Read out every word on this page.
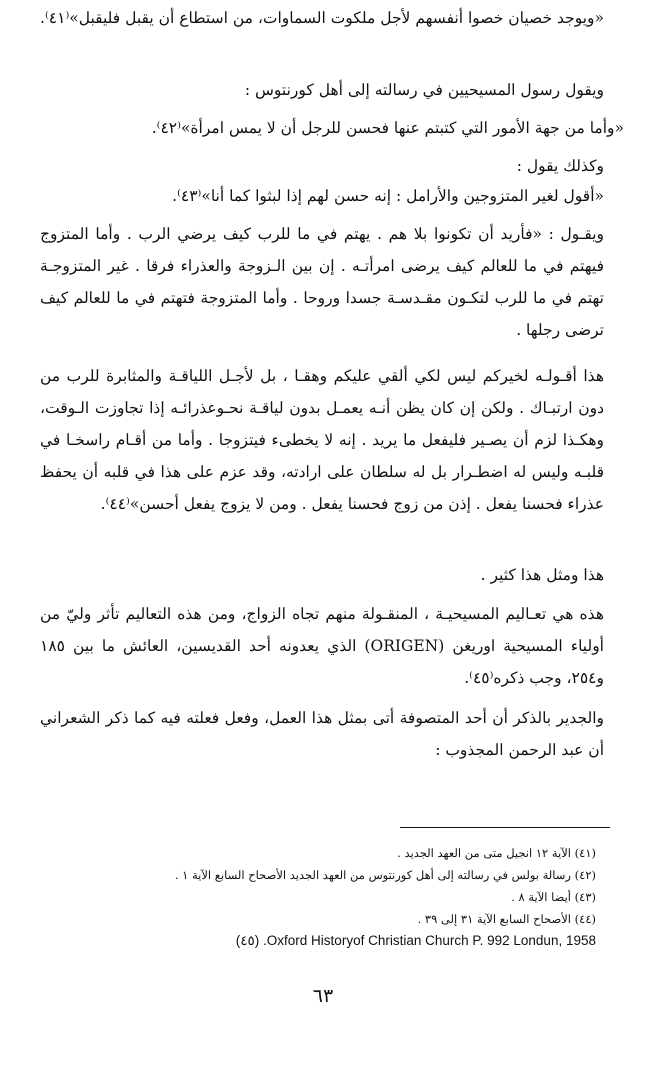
«ويوجد خصيان خصوا أنفسهم لأجل ملكوت السماوات، من استطاع أن يقبل فليقبل»⁽٤١⁾.

ويقول رسول المسيحيين في رسالته إلى أهل كورنتوس :

«وأما من جهة الأمور التي كتبتم عنها فحسن للرجل أن لا يمس امرأة»⁽٤٢⁾.

وكذلك يقول :

«أقول لغير المتزوجين والأرامل : إنه حسن لهم إذا لبثوا كما أنا»⁽٤٣⁾.

ويقـول : «فأريد أن تكونوا بلا هم . يهتم في ما للرب كيف يرضي الرب . وأما المتزوج فيهتم في ما للعالم كيف يرضى امرأتـه . إن بين الـزوجة والعذراء فرقا . غير المتزوجـة تهتم في ما للرب لتكـون مقـدسـة جسدا وروحا . وأما المتزوجة فتهتم في ما للعالم كيف ترضى رجلها .

هذا أقـولـه لخيركم ليس لكي ألقي عليكم وهقـا ، بل لأجـل اللياقـة والمثابرة للرب من دون ارتبـاك . ولكن إن كان يظن أنـه يعمـل بدون لياقـة نحـوعذرائـه إذا تجاوزت الـوقت، وهكـذا لزم أن يصـير فليفعل ما يريد . إنه لا يخطىء فيتزوجا . وأما من أقـام راسخـا في قلبـه وليس له اضطـرار بل له سلطان على ارادته، وقد عزم على هذا في قلبه أن يحفظ عذراء فحسنا يفعل . إذن من زوج فحسنا يفعل . ومن لا يزوج يفعل أحسن»⁽٤٤⁾.

هذا ومثل هذا كثير .

هذه هي تعـاليم المسيحيـة ، المنقـولة منهم تجاه الزواج، ومن هذه التعاليم تأثر وليّ من أولياء المسيحية اوريغن (ORIGEN) الذي يعدونه أحد القديسين، العائش ما بين ١٨٥ و٢٥٤، وجب ذكره⁽٤٥⁾.

والجدير بالذكر أن أحد المتصوفة أتى بمثل هذا العمل، وفعل فعلته فيه كما ذكر الشعراني أن عبد الرحمن المجذوب :

(٤١) الآية ١٢ انجيل متى من العهد الجديد .

(٤٢) رسالة بولس في رسالته إلى أهل كورنتوس من العهد الجديد الأصحاح السابع الآية ١ .

(٤٣) أيضا الآية ٨ .

(٤٤) الأصحاح السابع الآية ٣١ إلى ٣٩ .

Oxford Historyof Christian Church P. 992 Londun, 1958. (٤٥)

٦٣
